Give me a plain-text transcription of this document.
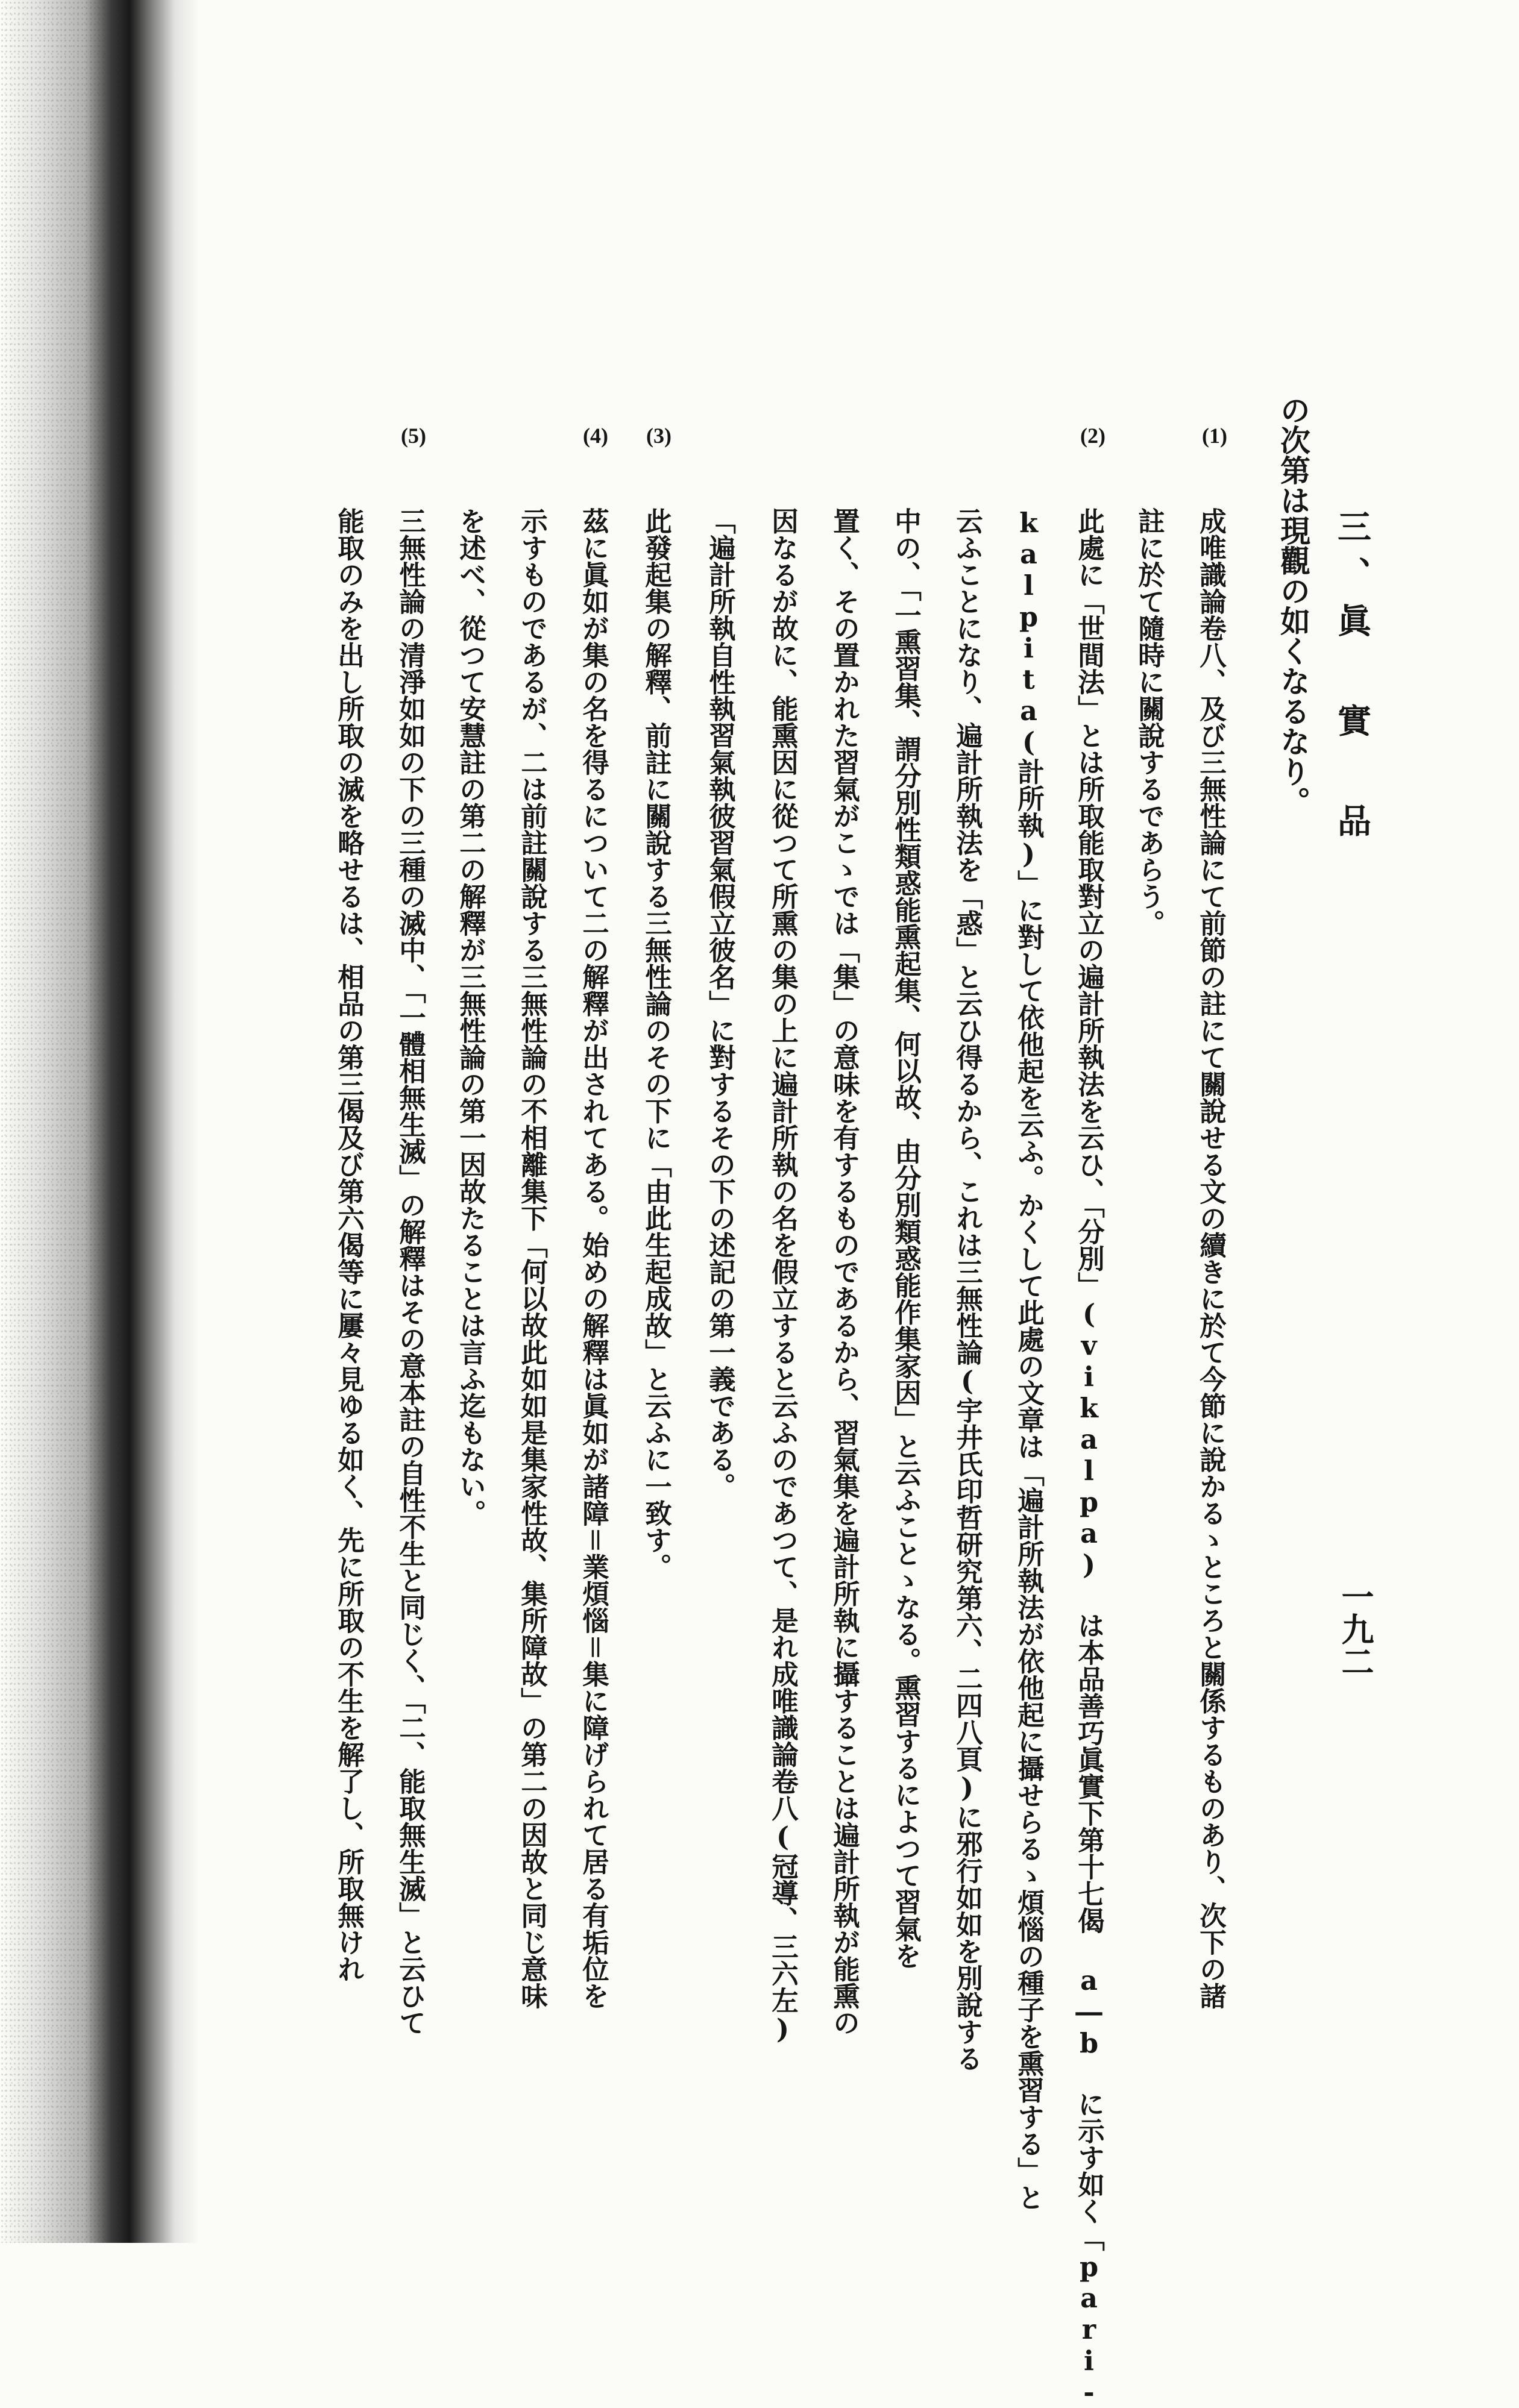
三、眞 實 品
一九二
の次第は現觀の如くなるなり。
(1)
(2)
(3)
(4)
(5)
成唯識論卷八、及び三無性論にて前節の註にて關說せる文の續きに於て今節に說かるゝところと關係するものあり、次下の諸
註に於て隨時に關說するであらう。
此處に「世間法」とは所取能取對立の遍計所執法を云ひ、「分別」(vikalpa) は本品善巧眞實下第十七偈 a―b に示す如く「pari-
kalpita(計所執)」に對して依他起を云ふ。かくして此處の文章は「遍計所執法が依他起に攝せらるゝ煩惱の種子を熏習する」と
云ふことになり、遍計所執法を「惑」と云ひ得るから、これは三無性論(宇井氏印哲研究第六、二四八頁)に邪行如如を別說する
中の、「一熏習集、謂分別性類惑能熏起集、何以故、由分別類惑能作集家因」と云ふことゝなる。熏習するによつて習氣を
置く、その置かれた習氣がこゝでは「集」の意味を有するものであるから、習氣集を遍計所執に攝することは遍計所執が能熏の
因なるが故に、能熏因に從つて所熏の集の上に遍計所執の名を假立すると云ふのであつて、是れ成唯識論卷八(冠導、三六左)
「遍計所執自性執習氣執彼習氣假立彼名」に對するその下の述記の第一義である。
此發起集の解釋、前註に關說する三無性論のその下に「由此生起成故」と云ふに一致す。
茲に眞如が集の名を得るについて二の解釋が出されてある。始めの解釋は眞如が諸障＝業煩惱＝集に障げられて居る有垢位を
示すものであるが、二は前註關說する三無性論の不相離集下「何以故此如如是集家性故、集所障故」の第二の因故と同じ意味
を述べ、從つて安慧註の第二の解釋が三無性論の第一因故たることは言ふ迄もない。
三無性論の清淨如如の下の三種の滅中、「一體相無生滅」の解釋はその意本註の自性不生と同じく、「二、能取無生滅」と云ひて
能取のみを出し所取の滅を略せるは、相品の第三偈及び第六偈等に屢々見ゆる如く、先に所取の不生を解了し、所取無けれ
